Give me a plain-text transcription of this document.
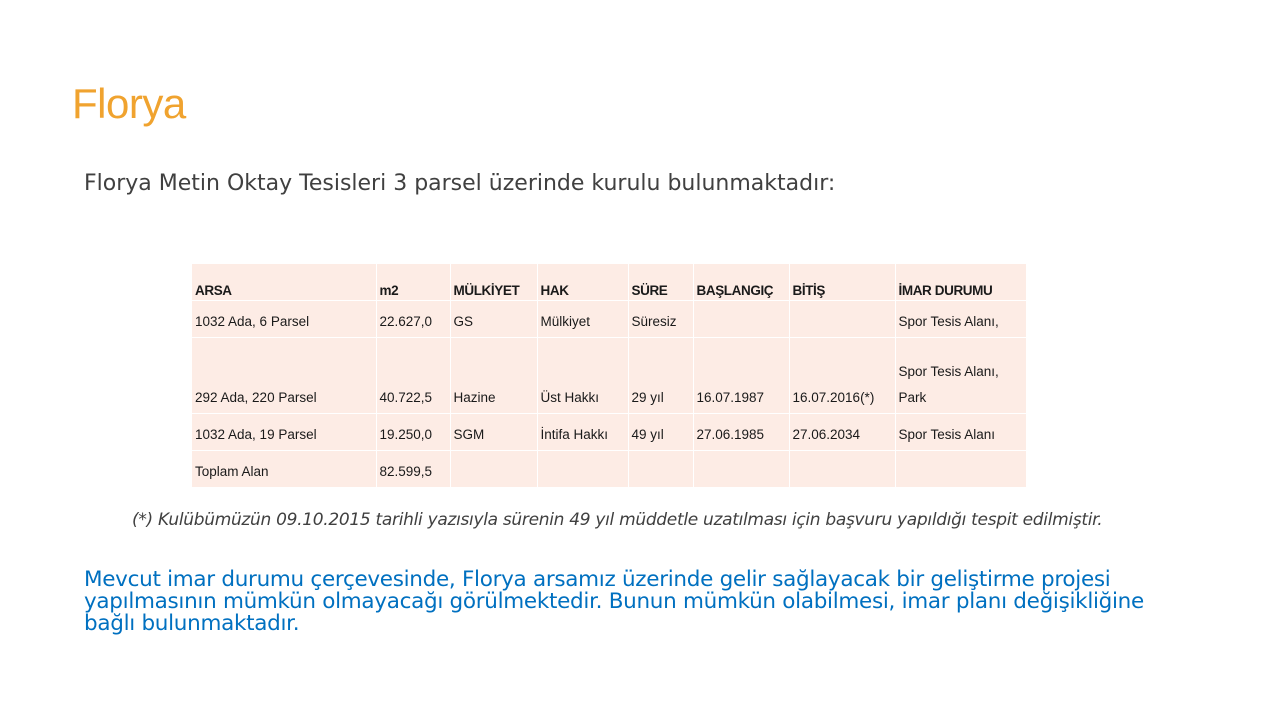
Florya
Florya Metin Oktay Tesisleri 3 parsel üzerinde kurulu bulunmaktadır:
ARSA	m2	MÜLKİYET	HAK	SÜRE	BAŞLANGIÇ	BİTİŞ	İMAR DURUMU
1032 Ada, 6 Parsel	22.627,0	GS	Mülkiyet	Süresiz			Spor Tesis Alanı,
292 Ada, 220 Parsel	40.722,5	Hazine	Üst Hakkı	29 yıl	16.07.1987	16.07.2016(*)	Spor Tesis Alanı,
Park

1032 Ada, 19 Parsel	19.250,0	SGM	İntifa Hakkı	49 yıl	27.06.1985	27.06.2034	Spor Tesis Alanı
Toplam Alan	82.599,5						
(*) Kulübümüzün 09.10.2015 tarihli yazısıyla sürenin 49 yıl müddetle uzatılması için başvuru yapıldığı tespit edilmiştir.
Mevcut imar durumu çerçevesinde, Florya arsamız üzerinde gelir sağlayacak bir geliştirme projesi yapılmasının mümkün olmayacağı görülmektedir. Bunun mümkün olabilmesi, imar planı değişikliğine bağlı bulunmaktadır.
